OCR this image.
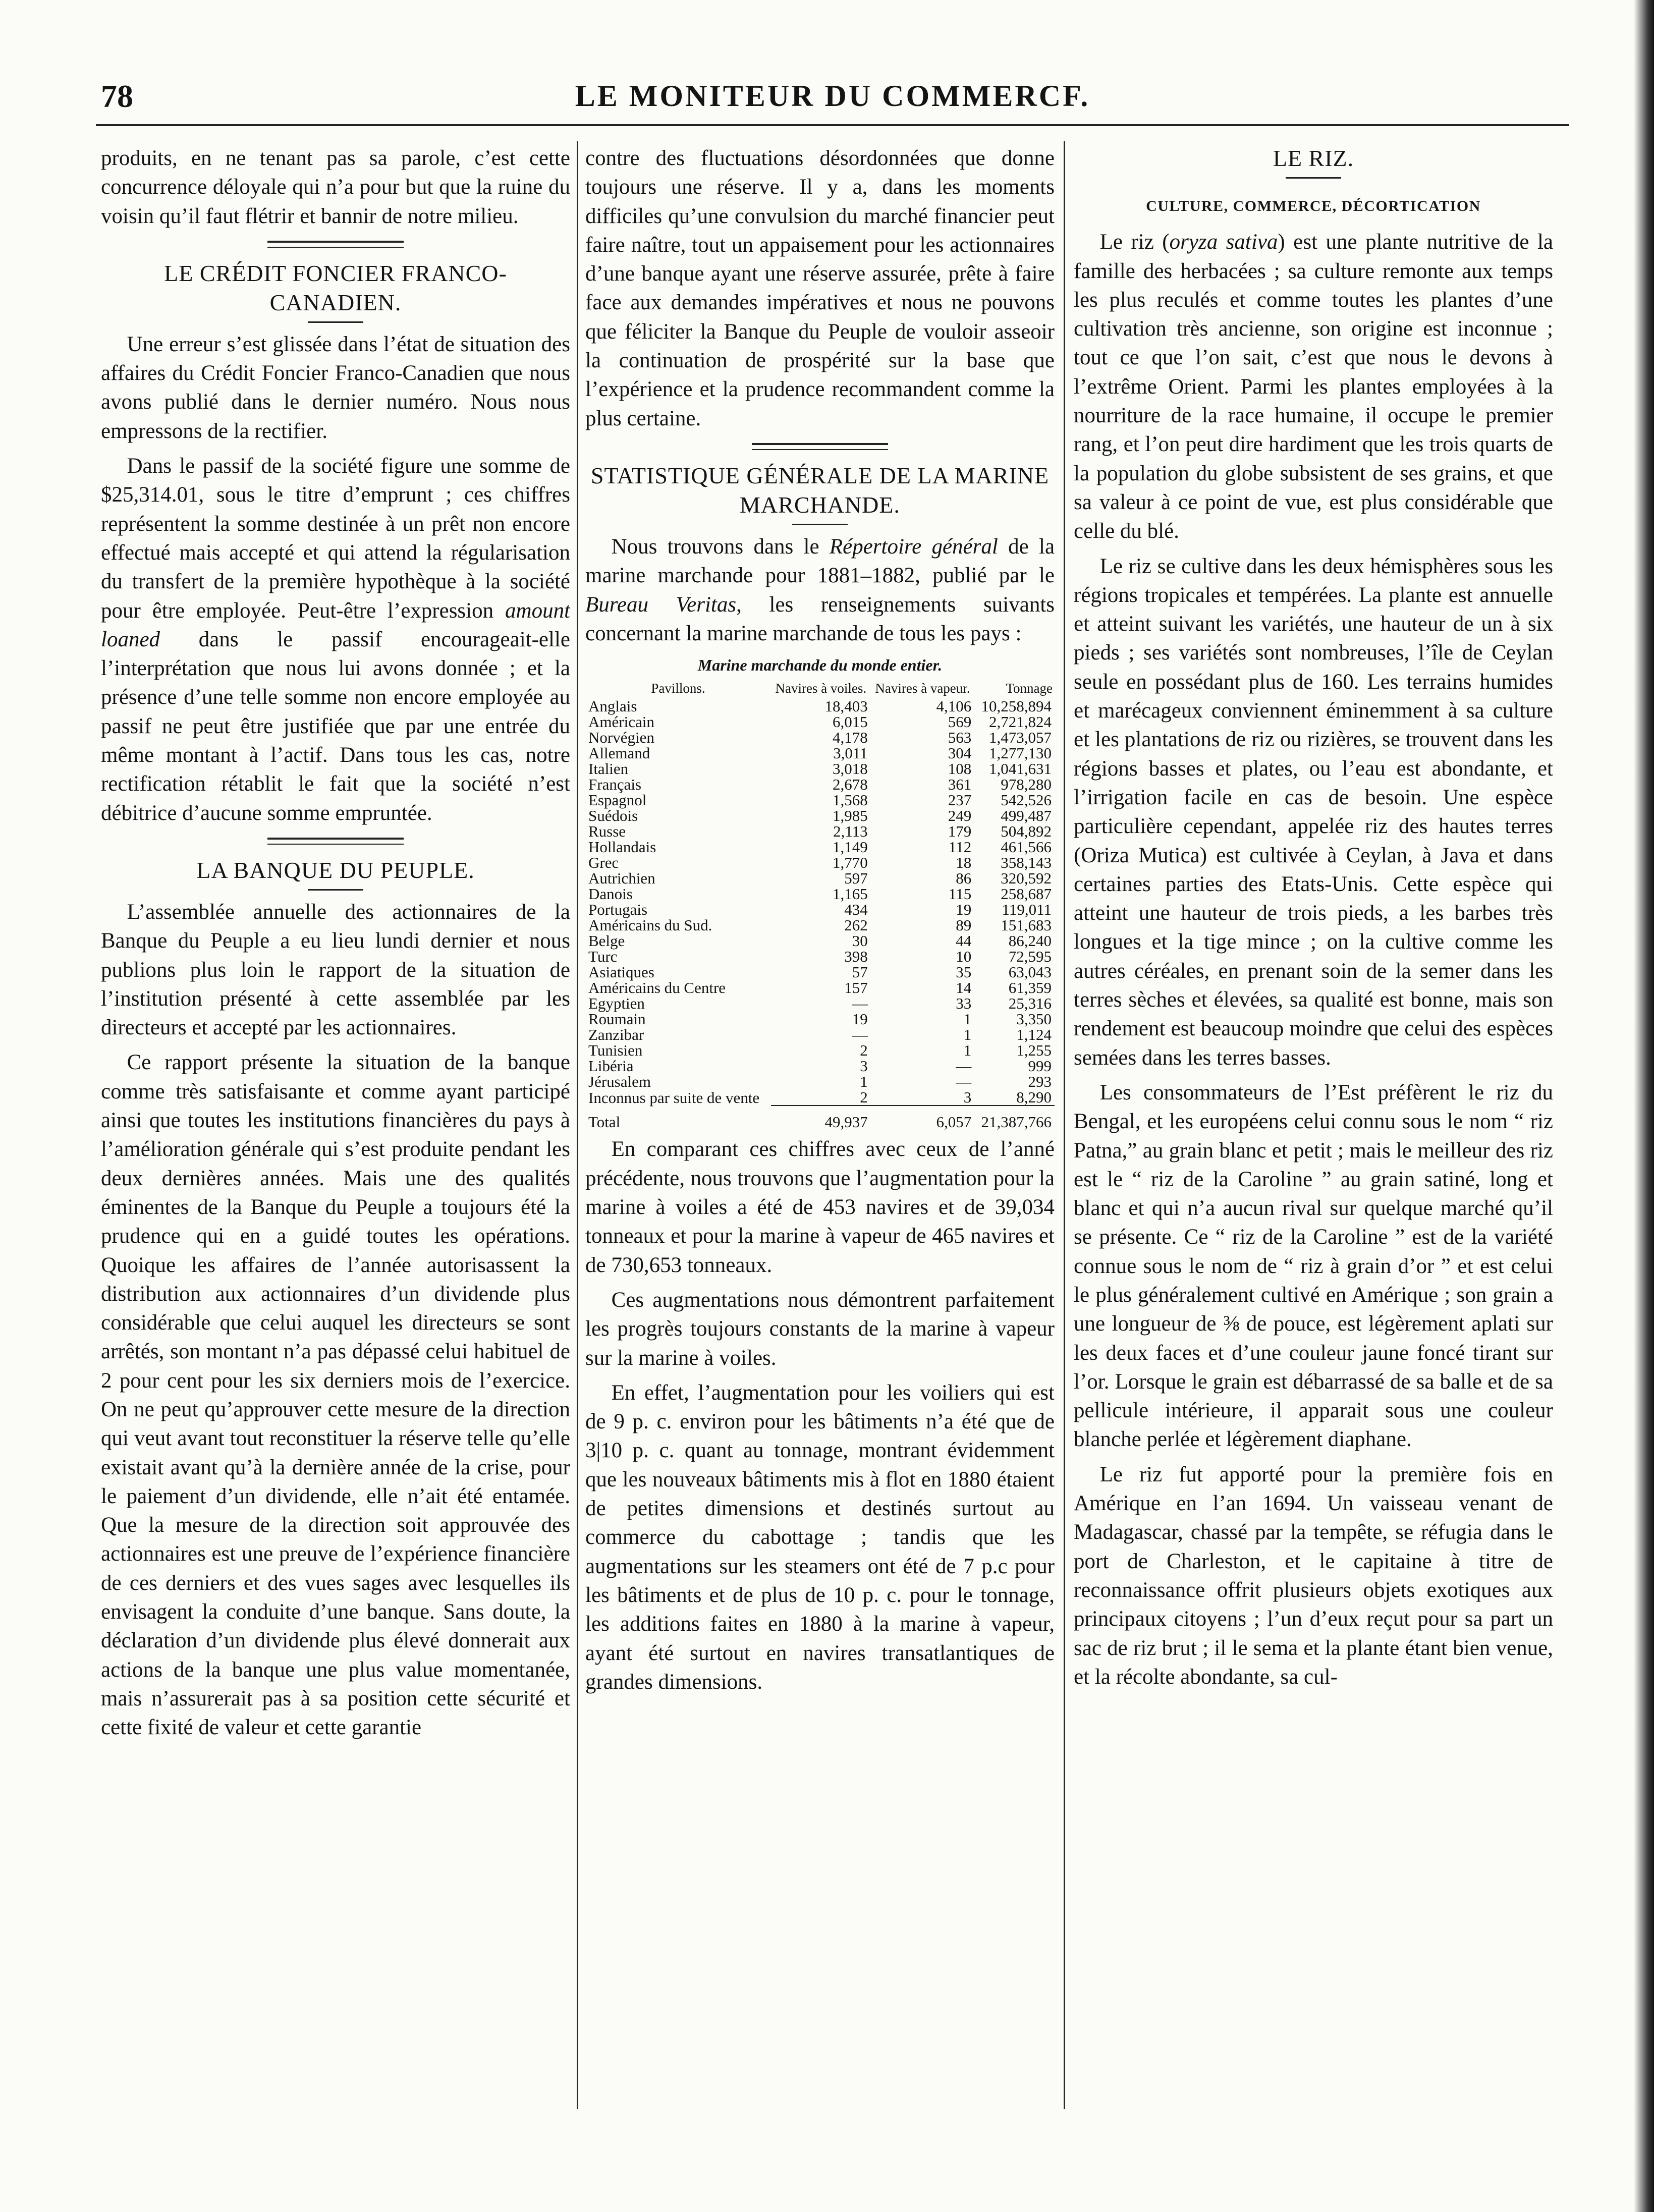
78	LE MONITEUR DU COMMERCF.

produits, en ne tenant pas sa parole, c’est cette concurrence déloyale qui n’a pour but que la ruine du voisin qu’il faut flétrir et bannir de notre milieu.

LE CRÉDIT FONCIER FRANCO-CANADIEN.

Une erreur s’est glissée dans l’état de situation des affaires du Crédit Foncier Franco-Canadien que nous avons publié dans le dernier numéro. Nous nous empressons de la rectifier.

Dans le passif de la société figure une somme de $25,314.01, sous le titre d’emprunt ; ces chiffres représentent la somme destinée à un prêt non encore effectué mais accepté et qui attend la régularisation du transfert de la première hypothèque à la société pour être employée. Peut-être l’expression amount loaned dans le passif encourageait-elle l’interprétation que nous lui avons donnée ; et la présence d’une telle somme non encore employée au passif ne peut être justifiée que par une entrée du même montant à l’actif. Dans tous les cas, notre rectification rétablit le fait que la société n’est débitrice d’aucune somme empruntée.

LA BANQUE DU PEUPLE.

L’assemblée annuelle des actionnaires de la Banque du Peuple a eu lieu lundi dernier et nous publions plus loin le rapport de la situation de l’institution présenté à cette assemblée par les directeurs et accepté par les actionnaires.

Ce rapport présente la situation de la banque comme très satisfaisante et comme ayant participé ainsi que toutes les institutions financières du pays à l’amélioration générale qui s’est produite pendant les deux dernières années. Mais une des qualités éminentes de la Banque du Peuple a toujours été la prudence qui en a guidé toutes les opérations. Quoique les affaires de l’année autorisassent la distribution aux actionnaires d’un dividende plus considérable que celui auquel les directeurs se sont arrêtés, son montant n’a pas dépassé celui habituel de 2 pour cent pour les six derniers mois de l’exercice. On ne peut qu’approuver cette mesure de la direction qui veut avant tout reconstituer la réserve telle qu’elle existait avant qu’à la dernière année de la crise, pour le paiement d’un dividende, elle n’ait été entamée. Que la mesure de la direction soit approuvée des actionnaires est une preuve de l’expérience financière de ces derniers et des vues sages avec lesquelles ils envisagent la conduite d’une banque. Sans doute, la déclaration d’un dividende plus élevé donnerait aux actions de la banque une plus value momentanée, mais n’assurerait pas à sa position cette sécurité et cette fixité de valeur et cette garantie

contre des fluctuations désordonnées que donne toujours une réserve. Il y a, dans les moments difficiles qu’une convulsion du marché financier peut faire naître, tout un appaisement pour les actionnaires d’une banque ayant une réserve assurée, prête à faire face aux demandes impératives et nous ne pouvons que féliciter la Banque du Peuple de vouloir asseoir la continuation de prospérité sur la base que l’expérience et la prudence recommandent comme la plus certaine.

STATISTIQUE GÉNÉRALE DE LA MARINE MARCHANDE.

Nous trouvons dans le Répertoire général de la marine marchande pour 1881–1882, publié par le Bureau Veritas, les renseignements suivants concernant la marine marchande de tous les pays :

Marine marchande du monde entier.
Pavillons.	Navires à voiles.	Navires à vapeur.	Tonnage
Anglais	18,403	4,106	10,258,894
Américain	6,015	569	2,721,824
Norvégien	4,178	563	1,473,057
Allemand	3,011	304	1,277,130
Italien	3,018	108	1,041,631
Français	2,678	361	978,280
Espagnol	1,568	237	542,526
Suédois	1,985	249	499,487
Russe	2,113	179	504,892
Hollandais	1,149	112	461,566
Grec	1,770	18	358,143
Autrichien	597	86	320,592
Danois	1,165	115	258,687
Portugais	434	19	119,011
Américains du Sud.	262	89	151,683
Belge	30	44	86,240
Turc	398	10	72,595
Asiatiques	57	35	63,043
Américains du Centre	157	14	61,359
Egyptien	—	33	25,316
Roumain	19	1	3,350
Zanzibar	—	1	1,124
Tunisien	2	1	1,255
Libéria	3	—	999
Jérusalem	1	—	293
Inconnus par suite de vente	2	3	8,290
Total	49,937	6,057	21,387,766

En comparant ces chiffres avec ceux de l’anné précédente, nous trouvons que l’augmentation pour la marine à voiles a été de 453 navires et de 39,034 tonneaux et pour la marine à vapeur de 465 navires et de 730,653 tonneaux.

Ces augmentations nous démontrent parfaitement les progrès toujours constants de la marine à vapeur sur la marine à voiles.

En effet, l’augmentation pour les voiliers qui est de 9 p. c. environ pour les bâtiments n’a été que de 3|10 p. c. quant au tonnage, montrant évidemment que les nouveaux bâtiments mis à flot en 1880 étaient de petites dimensions et destinés surtout au commerce du cabottage ; tandis que les augmentations sur les steamers ont été de 7 p.c pour les bâtiments et de plus de 10 p. c. pour le tonnage, les additions faites en 1880 à la marine à vapeur, ayant été surtout en navires transatlantiques de grandes dimensions.

LE RIZ.
CULTURE, COMMERCE, DÉCORTICATION

Le riz (oryza sativa) est une plante nutritive de la famille des herbacées ; sa culture remonte aux temps les plus reculés et comme toutes les plantes d’une cultivation très ancienne, son origine est inconnue ; tout ce que l’on sait, c’est que nous le devons à l’extrême Orient. Parmi les plantes employées à la nourriture de la race humaine, il occupe le premier rang, et l’on peut dire hardiment que les trois quarts de la population du globe subsistent de ses grains, et que sa valeur à ce point de vue, est plus considérable que celle du blé.

Le riz se cultive dans les deux hémisphères sous les régions tropicales et tempérées. La plante est annuelle et atteint suivant les variétés, une hauteur de un à six pieds ; ses variétés sont nombreuses, l’île de Ceylan seule en possédant plus de 160. Les terrains humides et marécageux conviennent éminemment à sa culture et les plantations de riz ou rizières, se trouvent dans les régions basses et plates, ou l’eau est abondante, et l’irrigation facile en cas de besoin. Une espèce particulière cependant, appelée riz des hautes terres (Oriza Mutica) est cultivée à Ceylan, à Java et dans certaines parties des Etats-Unis. Cette espèce qui atteint une hauteur de trois pieds, a les barbes très longues et la tige mince ; on la cultive comme les autres céréales, en prenant soin de la semer dans les terres sèches et élevées, sa qualité est bonne, mais son rendement est beaucoup moindre que celui des espèces semées dans les terres basses.

Les consommateurs de l’Est préfèrent le riz du Bengal, et les européens celui connu sous le nom “ riz Patna,” au grain blanc et petit ; mais le meilleur des riz est le “ riz de la Caroline ” au grain satiné, long et blanc et qui n’a aucun rival sur quelque marché qu’il se présente. Ce “ riz de la Caroline ” est de la variété connue sous le nom de “ riz à grain d’or ” et est celui le plus généralement cultivé en Amérique ; son grain a une longueur de ⅜ de pouce, est légèrement aplati sur les deux faces et d’une couleur jaune foncé tirant sur l’or. Lorsque le grain est débarrassé de sa balle et de sa pellicule intérieure, il apparait sous une couleur blanche perlée et légèrement diaphane.

Le riz fut apporté pour la première fois en Amérique en l’an 1694. Un vaisseau venant de Madagascar, chassé par la tempête, se réfugia dans le port de Charleston, et le capitaine à titre de reconnaissance offrit plusieurs objets exotiques aux principaux citoyens ; l’un d’eux reçut pour sa part un sac de riz brut ; il le sema et la plante étant bien venue, et la récolte abondante, sa cul-
